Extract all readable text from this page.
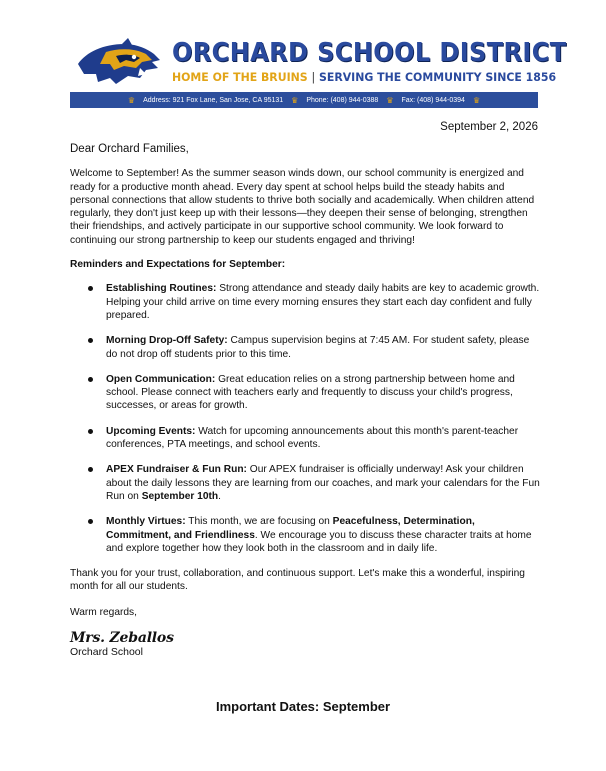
ORCHARD SCHOOL DISTRICT
HOME OF THE BRUINS | SERVING THE COMMUNITY SINCE 1856
♛ Address: 921 Fox Lane, San Jose, CA 95131 ♛ Phone: (408) 944-0388 ♛ Fax: (408) 944-0394 ♛
September 2, 2026

Dear Orchard Families,

Welcome to September! As the summer season winds down, our school community is energized and ready for a productive month ahead. Every day spent at school helps build the steady habits and personal connections that allow students to thrive both socially and academically. When children attend regularly, they don't just keep up with their lessons—they deepen their sense of belonging, strengthen their friendships, and actively participate in our supportive school community. We look forward to continuing our strong partnership to keep our students engaged and thriving!

Reminders and Expectations for September:

Establishing Routines: Strong attendance and steady daily habits are key to academic growth. Helping your child arrive on time every morning ensures they start each day confident and fully prepared.
Morning Drop-Off Safety: Campus supervision begins at 7:45 AM. For student safety, please do not drop off students prior to this time.
Open Communication: Great education relies on a strong partnership between home and school. Please connect with teachers early and frequently to discuss your child's progress, successes, or areas for growth.
Upcoming Events: Watch for upcoming announcements about this month's parent-teacher conferences, PTA meetings, and school events.
APEX Fundraiser & Fun Run: Our APEX fundraiser is officially underway! Ask your children about the daily lessons they are learning from our coaches, and mark your calendars for the Fun Run on September 10th.
Monthly Virtues: This month, we are focusing on Peacefulness, Determination, Commitment, and Friendliness. We encourage you to discuss these character traits at home and explore together how they look both in the classroom and in daily life.

Thank you for your trust, collaboration, and continuous support. Let's make this a wonderful, inspiring month for all our students.

Warm regards,

Mrs. Zeballos

Orchard School

Important Dates: September
